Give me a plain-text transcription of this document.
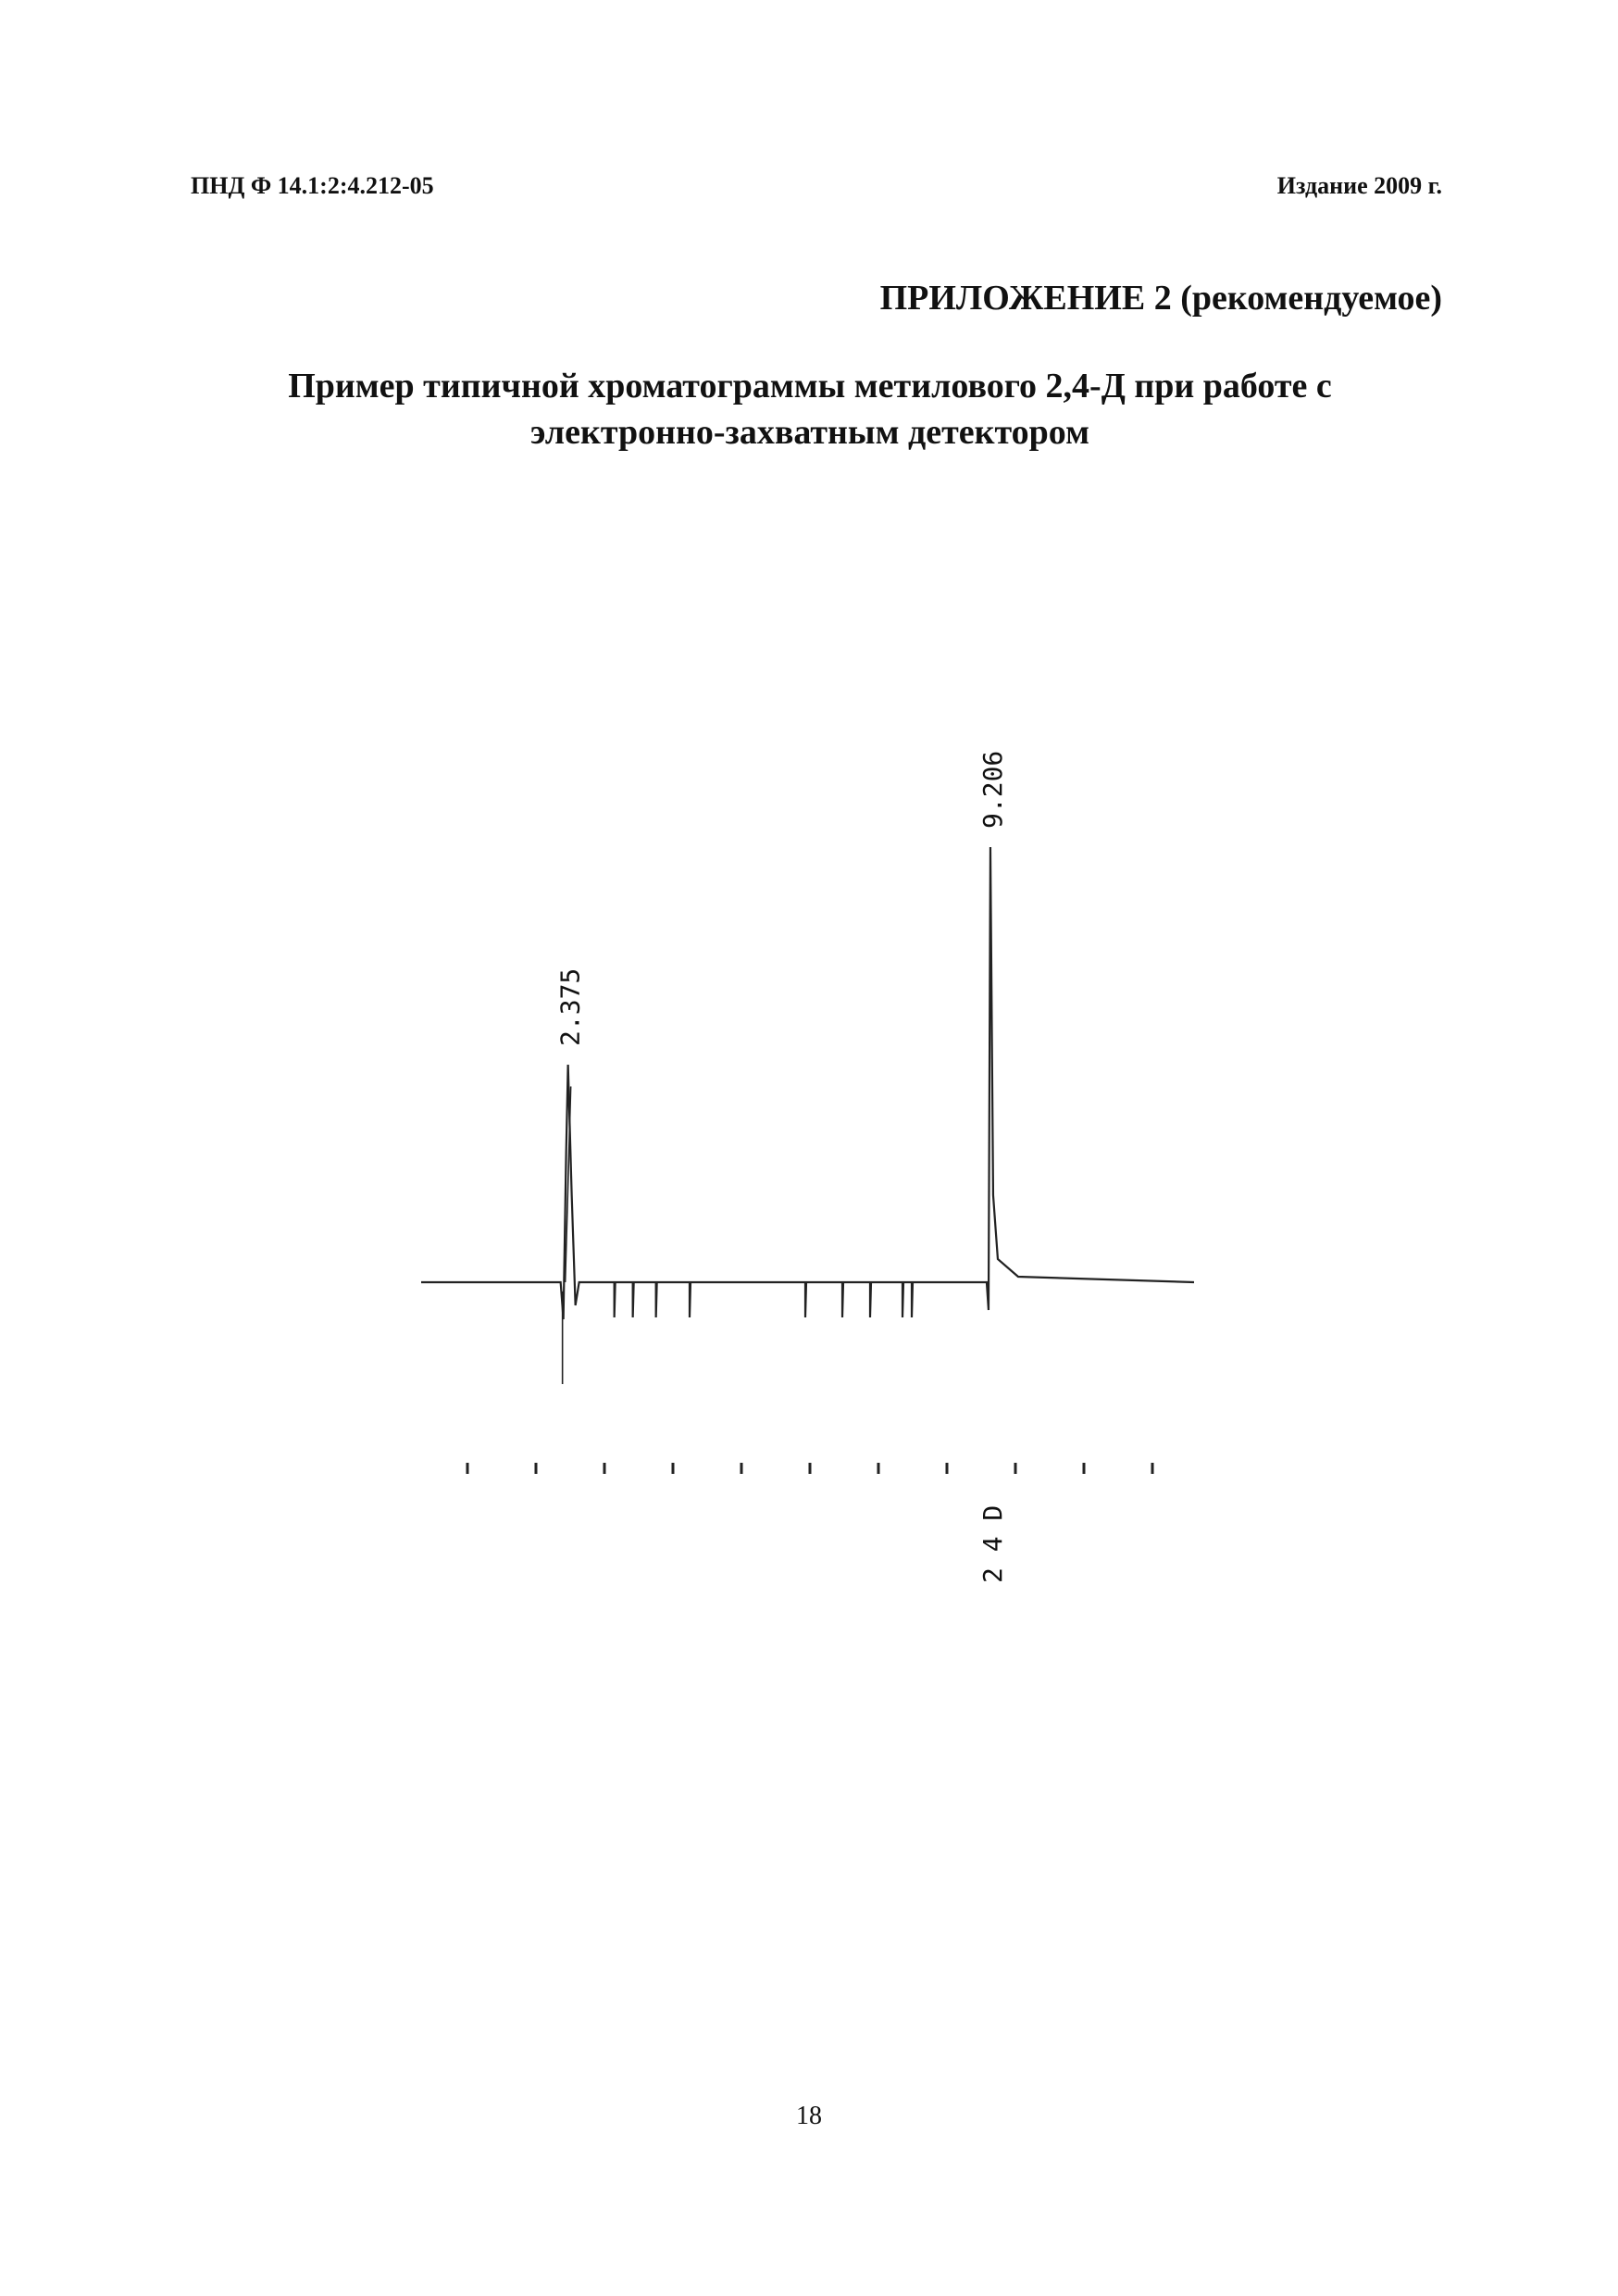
ПНД Ф 14.1:2:4.212-05	Издание 2009 г.
ПРИЛОЖЕНИЕ 2 (рекомендуемое)
Пример типичной хроматограммы метилового 2,4-Д при работе с
электронно-захватным детектором
2.375
9.206
2 4 D
18
